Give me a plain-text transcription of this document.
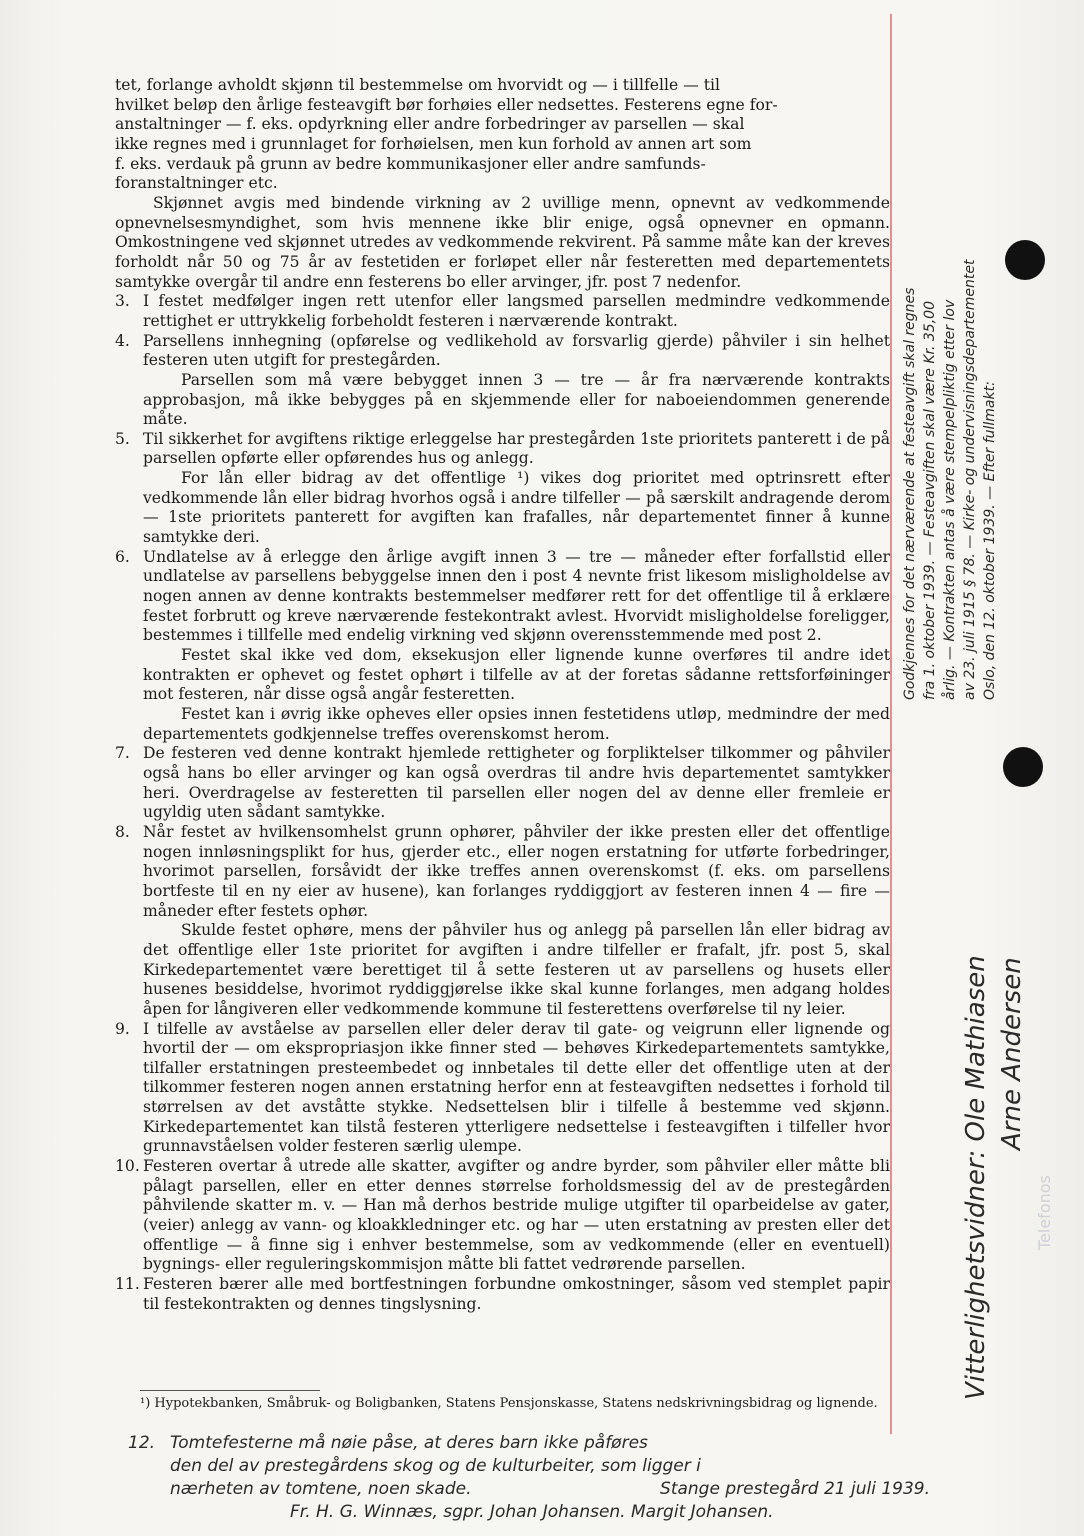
tet, forlange avholdt skjønn til bestemmelse om hvorvidt og — i tillfelle — til
hvilket beløp den årlige festeavgift bør forhøies eller nedsettes. Festerens egne for-
anstaltninger — f. eks. opdyrkning eller andre forbedringer av parsellen — skal
ikke regnes med i grunnlaget for forhøielsen, men kun forhold av annen art som
f. eks. verdauk på grunn av bedre kommunikasjoner eller andre samfunds-
foranstaltninger etc.
Skjønnet avgis med bindende virkning av 2 uvillige menn, opnevnt av vedkommende opnevnelsesmyndighet, som hvis mennene ikke blir enige, også opnevner en opmann. Omkostningene ved skjønnet utredes av vedkommende rekvirent. På samme måte kan der kreves forholdt når 50 og 75 år av festetiden er forløpet eller når festeretten med departementets samtykke overgår til andre enn festerens bo eller arvinger, jfr. post 7 nedenfor.
3. I festet medfølger ingen rett utenfor eller langsmed parsellen medmindre vedkommende rettighet er uttrykkelig forbeholdt festeren i nærværende kontrakt.
4. Parsellens innhegning (opførelse og vedlikehold av forsvarlig gjerde) påhviler i sin helhet festeren uten utgift for prestegården.
Parsellen som må være bebygget innen 3 — tre — år fra nærværende kontrakts approbasjon, må ikke bebygges på en skjemmende eller for naboeiendommen generende måte.
5. Til sikkerhet for avgiftens riktige erleggelse har prestegården 1ste prioritets panterett i de på parsellen opførte eller opførendes hus og anlegg.
For lån eller bidrag av det offentlige ¹) vikes dog prioritet med optrinsrett efter vedkommende lån eller bidrag hvorhos også i andre tilfeller — på særskilt andragende derom — 1ste prioritets panterett for avgiften kan frafalles, når departementet finner å kunne samtykke deri.
6. Undlatelse av å erlegge den årlige avgift innen 3 — tre — måneder efter forfallstid eller undlatelse av parsellens bebyggelse innen den i post 4 nevnte frist likesom misligholdelse av nogen annen av denne kontrakts bestemmelser medfører rett for det offentlige til å erklære festet forbrutt og kreve nærværende festekontrakt avlest. Hvorvidt misligholdelse foreligger, bestemmes i tillfelle med endelig virkning ved skjønn overensstemmende med post 2.
Festet skal ikke ved dom, eksekusjon eller lignende kunne overføres til andre idet kontrakten er ophevet og festet ophørt i tilfelle av at der foretas sådanne rettsforføininger mot festeren, når disse også angår festeretten.
Festet kan i øvrig ikke opheves eller opsies innen festetidens utløp, medmindre der med departementets godkjennelse treffes overenskomst herom.
7. De festeren ved denne kontrakt hjemlede rettigheter og forpliktelser tilkommer og påhviler også hans bo eller arvinger og kan også overdras til andre hvis departementet samtykker heri. Overdragelse av festeretten til parsellen eller nogen del av denne eller fremleie er ugyldig uten sådant samtykke.
8. Når festet av hvilkensomhelst grunn ophører, påhviler der ikke presten eller det offentlige nogen innløsningsplikt for hus, gjerder etc., eller nogen erstatning for utførte forbedringer, hvorimot parsellen, forsåvidt der ikke treffes annen overenskomst (f. eks. om parsellens bortfeste til en ny eier av husene), kan forlanges ryddiggjort av festeren innen 4 — fire — måneder efter festets ophør.
Skulde festet ophøre, mens der påhviler hus og anlegg på parsellen lån eller bidrag av det offentlige eller 1ste prioritet for avgiften i andre tilfeller er frafalt, jfr. post 5, skal Kirkedepartementet være berettiget til å sette festeren ut av parsellens og husets eller husenes besiddelse, hvorimot ryddiggjørelse ikke skal kunne forlanges, men adgang holdes åpen for långiveren eller vedkommende kommune til festerettens overførelse til ny leier.
9. I tilfelle av avståelse av parsellen eller deler derav til gate- og veigrunn eller lignende og hvortil der — om ekspropriasjon ikke finner sted — behøves Kirkedepartementets samtykke, tilfaller erstatningen presteembedet og innbetales til dette eller det offentlige uten at der tilkommer festeren nogen annen erstatning herfor enn at festeavgiften nedsettes i forhold til størrelsen av det avståtte stykke. Nedsettelsen blir i tilfelle å bestemme ved skjønn. Kirkedepartementet kan tilstå festeren ytterligere nedsettelse i festeavgiften i tilfeller hvor grunnavståelsen volder festeren særlig ulempe.
10. Festeren overtar å utrede alle skatter, avgifter og andre byrder, som påhviler eller måtte bli pålagt parsellen, eller en etter dennes størrelse forholdsmessig del av de prestegården påhvilende skatter m. v. — Han må derhos bestride mulige utgifter til oparbeidelse av gater, (veier) anlegg av vann- og kloakkledninger etc. og har — uten erstatning av presten eller det offentlige — å finne sig i enhver bestemmelse, som av vedkommende (eller en eventuell) bygnings- eller reguleringskommisjon måtte bli fattet vedrørende parsellen.
11. Festeren bærer alle med bortfestningen forbundne omkostninger, såsom ved stemplet papir til festekontrakten og dennes tingslysning.
¹) Hypotekbanken, Småbruk- og Boligbanken, Statens Pensjonskasse, Statens nedskrivningsbidrag og lignende.
12. Tomtefesterne må nøie påse, at deres barn ikke påføres
den del av prestegårdens skog og de kulturbeiter, som ligger i
nærheten av tomtene, noen skade.	Stange prestegård 21 juli 1939.
Fr. H. G. Winnæs, sgpr. Johan Johansen. Margit Johansen.
Godkjennes for det nærværende at festeavgift skal regnes fra 1. oktober 1939. — Festeavgiften skal være Kr. 35,00 årlig. — Kontrakten antas å være stempelpliktig etter lov av 23. juli 1915 § 78. — Kirke- og undervisningsdepartementet Oslo, den 12. oktober 1939. — Efter fullmakt:
Vitterlighetsvidner: Ole Mathiasen Arne Andersen
Telefonos
